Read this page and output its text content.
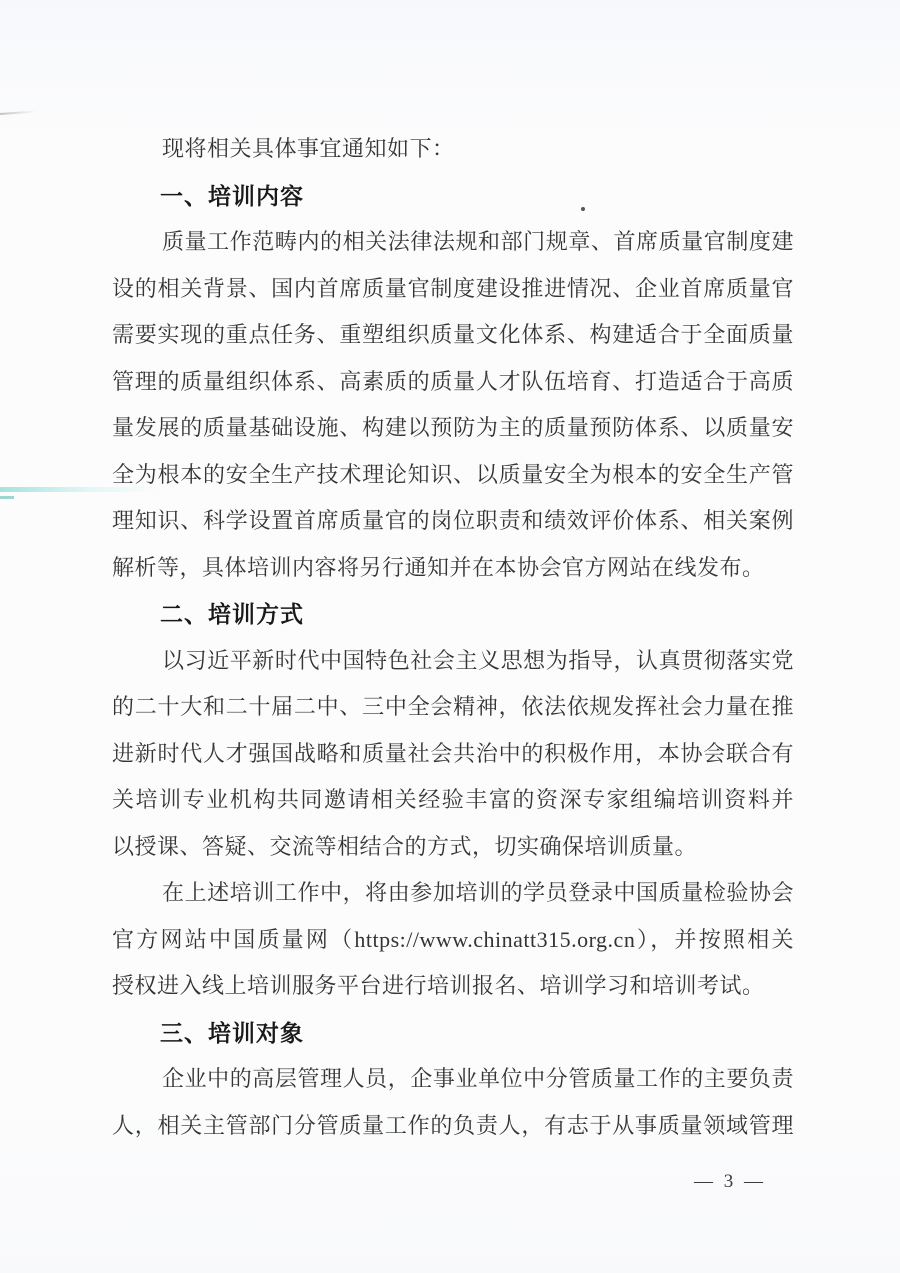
现将相关具体事宜通知如下：
一、培训内容
质量工作范畴内的相关法律法规和部门规章、首席质量官制度建
设的相关背景、国内首席质量官制度建设推进情况、企业首席质量官
需要实现的重点任务、重塑组织质量文化体系、构建适合于全面质量
管理的质量组织体系、高素质的质量人才队伍培育、打造适合于高质
量发展的质量基础设施、构建以预防为主的质量预防体系、以质量安
全为根本的安全生产技术理论知识、以质量安全为根本的安全生产管
理知识、科学设置首席质量官的岗位职责和绩效评价体系、相关案例
解析等，具体培训内容将另行通知并在本协会官方网站在线发布。
二、培训方式
以习近平新时代中国特色社会主义思想为指导，认真贯彻落实党
的二十大和二十届二中、三中全会精神，依法依规发挥社会力量在推
进新时代人才强国战略和质量社会共治中的积极作用，本协会联合有
关培训专业机构共同邀请相关经验丰富的资深专家组编培训资料并
以授课、答疑、交流等相结合的方式，切实确保培训质量。
在上述培训工作中，将由参加培训的学员登录中国质量检验协会
官方网站中国质量网（https://www.chinatt315.org.cn），并按照相关
授权进入线上培训服务平台进行培训报名、培训学习和培训考试。
三、培训对象
企业中的高层管理人员，企事业单位中分管质量工作的主要负责
人，相关主管部门分管质量工作的负责人，有志于从事质量领域管理
— 3 —
